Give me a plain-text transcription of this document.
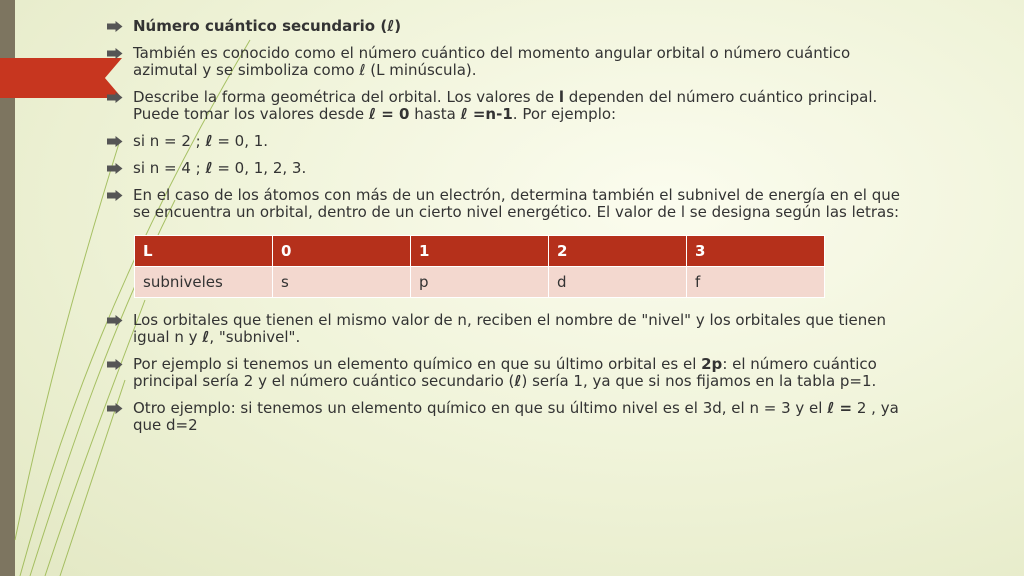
Número cuántico secundario (ℓ)

También es conocido como el número cuántico del momento angular orbital o número cuántico azimutal y se simboliza como ℓ (L minúscula).

Describe la forma geométrica del orbital. Los valores de l dependen del número cuántico principal. Puede tomar los valores desde ℓ = 0 hasta ℓ =n-1. Por ejemplo:

si n = 2 ; ℓ = 0, 1.

si n = 4 ; ℓ = 0, 1, 2, 3.

En el caso de los átomos con más de un electrón, determina también el subnivel de energía en el que se encuentra un orbital, dentro de un cierto nivel energético. El valor de l se designa según las letras:

L	0	1	2	3
subniveles	s	p	d	f

Los orbitales que tienen el mismo valor de n, reciben el nombre de "nivel" y los orbitales que tienen igual n y ℓ, "subnivel".

Por ejemplo si tenemos un elemento químico en que su último orbital es el 2p: el número cuántico principal sería 2 y el número cuántico secundario (ℓ) sería 1, ya que si nos fijamos en la tabla p=1.

Otro ejemplo: si tenemos un elemento químico en que su último nivel es el 3d, el n = 3 y el ℓ = 2 , ya que d=2
